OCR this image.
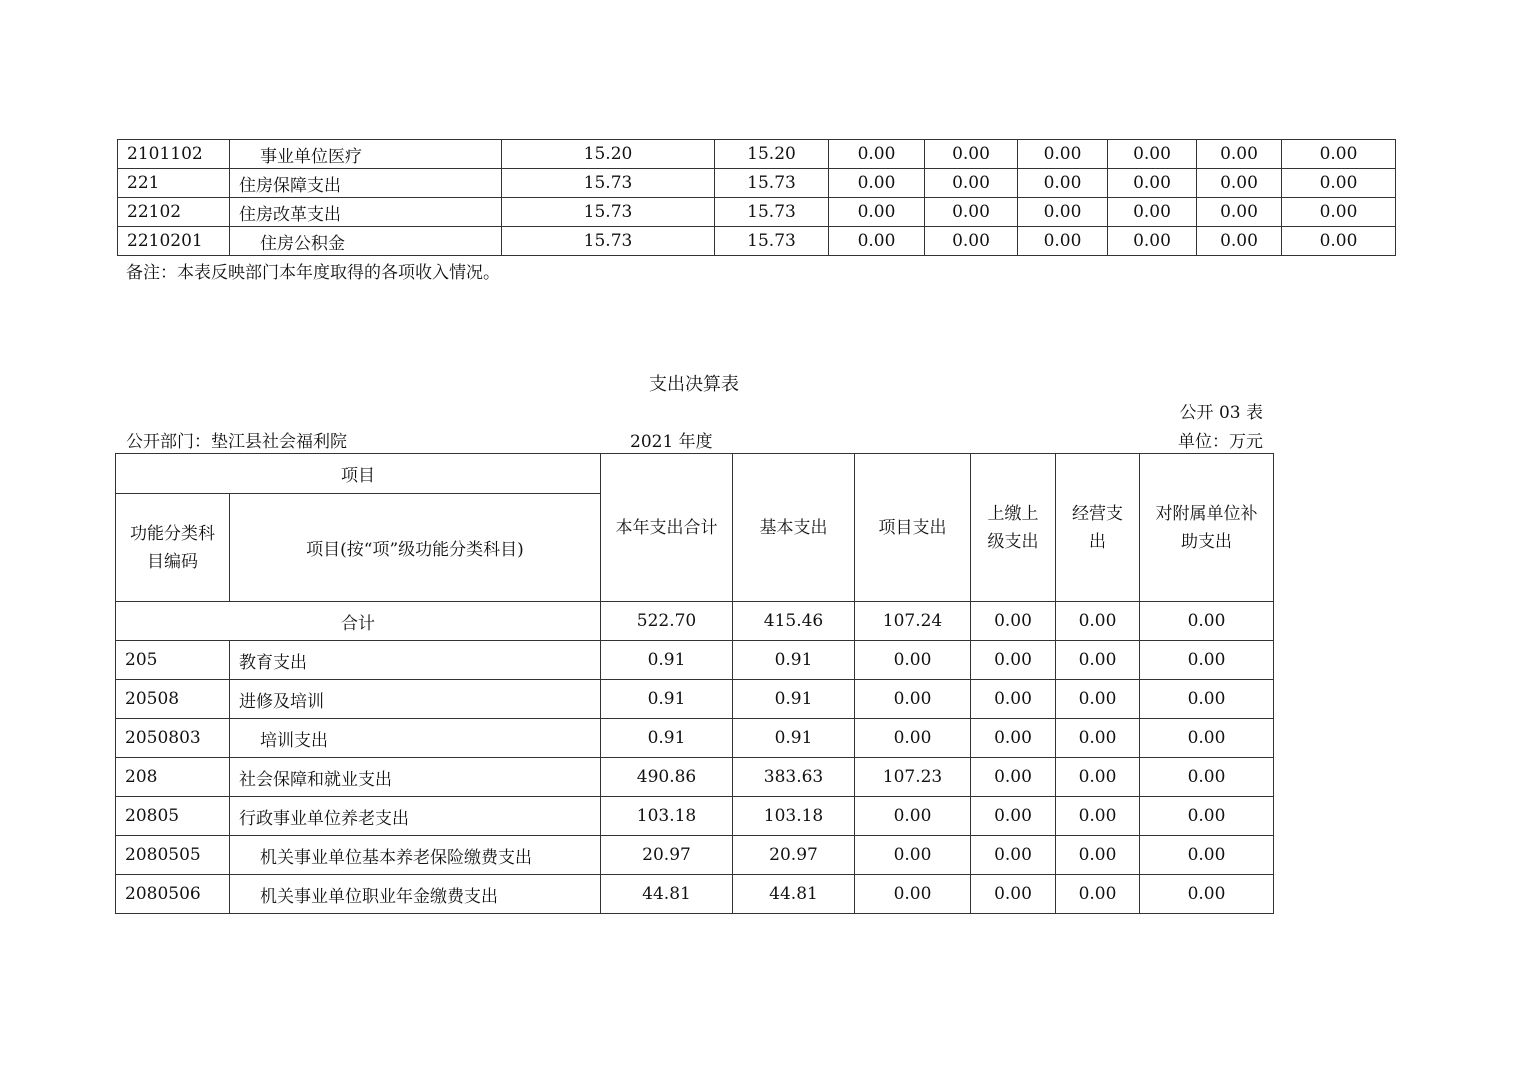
2101102	事业单位医疗	15.20	15.20	0.00	0.00	0.00	0.00	0.00	0.00
221	住房保障支出	15.73	15.73	0.00	0.00	0.00	0.00	0.00	0.00
22102	住房改革支出	15.73	15.73	0.00	0.00	0.00	0.00	0.00	0.00
2210201	住房公积金	15.73	15.73	0.00	0.00	0.00	0.00	0.00	0.00
备注：本表反映部门本年度取得的各项收入情况。
支出决算表
公开 03 表
公开部门：垫江县社会福利院	2021 年度	单位：万元
项目		本年支出合计	基本支出	项目支出	上缴上级支出	经营支出	对附属单位补助支出
功能分类科目编码	项目(按“项”级功能分类科目)						
合计		522.70	415.46	107.24	0.00	0.00	0.00
205	教育支出	0.91	0.91	0.00	0.00	0.00	0.00
20508	进修及培训	0.91	0.91	0.00	0.00	0.00	0.00
2050803	培训支出	0.91	0.91	0.00	0.00	0.00	0.00
208	社会保障和就业支出	490.86	383.63	107.23	0.00	0.00	0.00
20805	行政事业单位养老支出	103.18	103.18	0.00	0.00	0.00	0.00
2080505	机关事业单位基本养老保险缴费支出	20.97	20.97	0.00	0.00	0.00	0.00
2080506	机关事业单位职业年金缴费支出	44.81	44.81	0.00	0.00	0.00	0.00
